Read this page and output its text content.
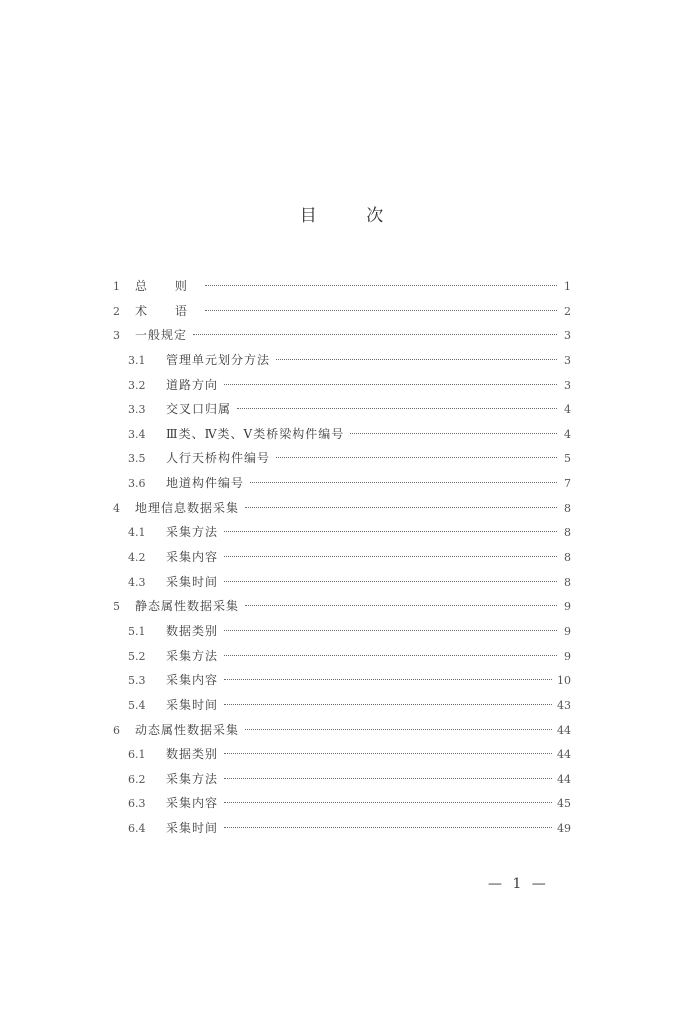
目 次
1	总 则	1
2	术 语	2
3	一般规定	3
3.1	管理单元划分方法	3
3.2	道路方向	3
3.3	交叉口归属	4
3.4	Ⅲ类、Ⅳ类、Ⅴ类桥梁构件编号	4
3.5	人行天桥构件编号	5
3.6	地道构件编号	7
4	地理信息数据采集	8
4.1	采集方法	8
4.2	采集内容	8
4.3	采集时间	8
5	静态属性数据采集	9
5.1	数据类别	9
5.2	采集方法	9
5.3	采集内容	10
5.4	采集时间	43
6	动态属性数据采集	44
6.1	数据类别	44
6.2	采集方法	44
6.3	采集内容	45
6.4	采集时间	49
— 1 —
